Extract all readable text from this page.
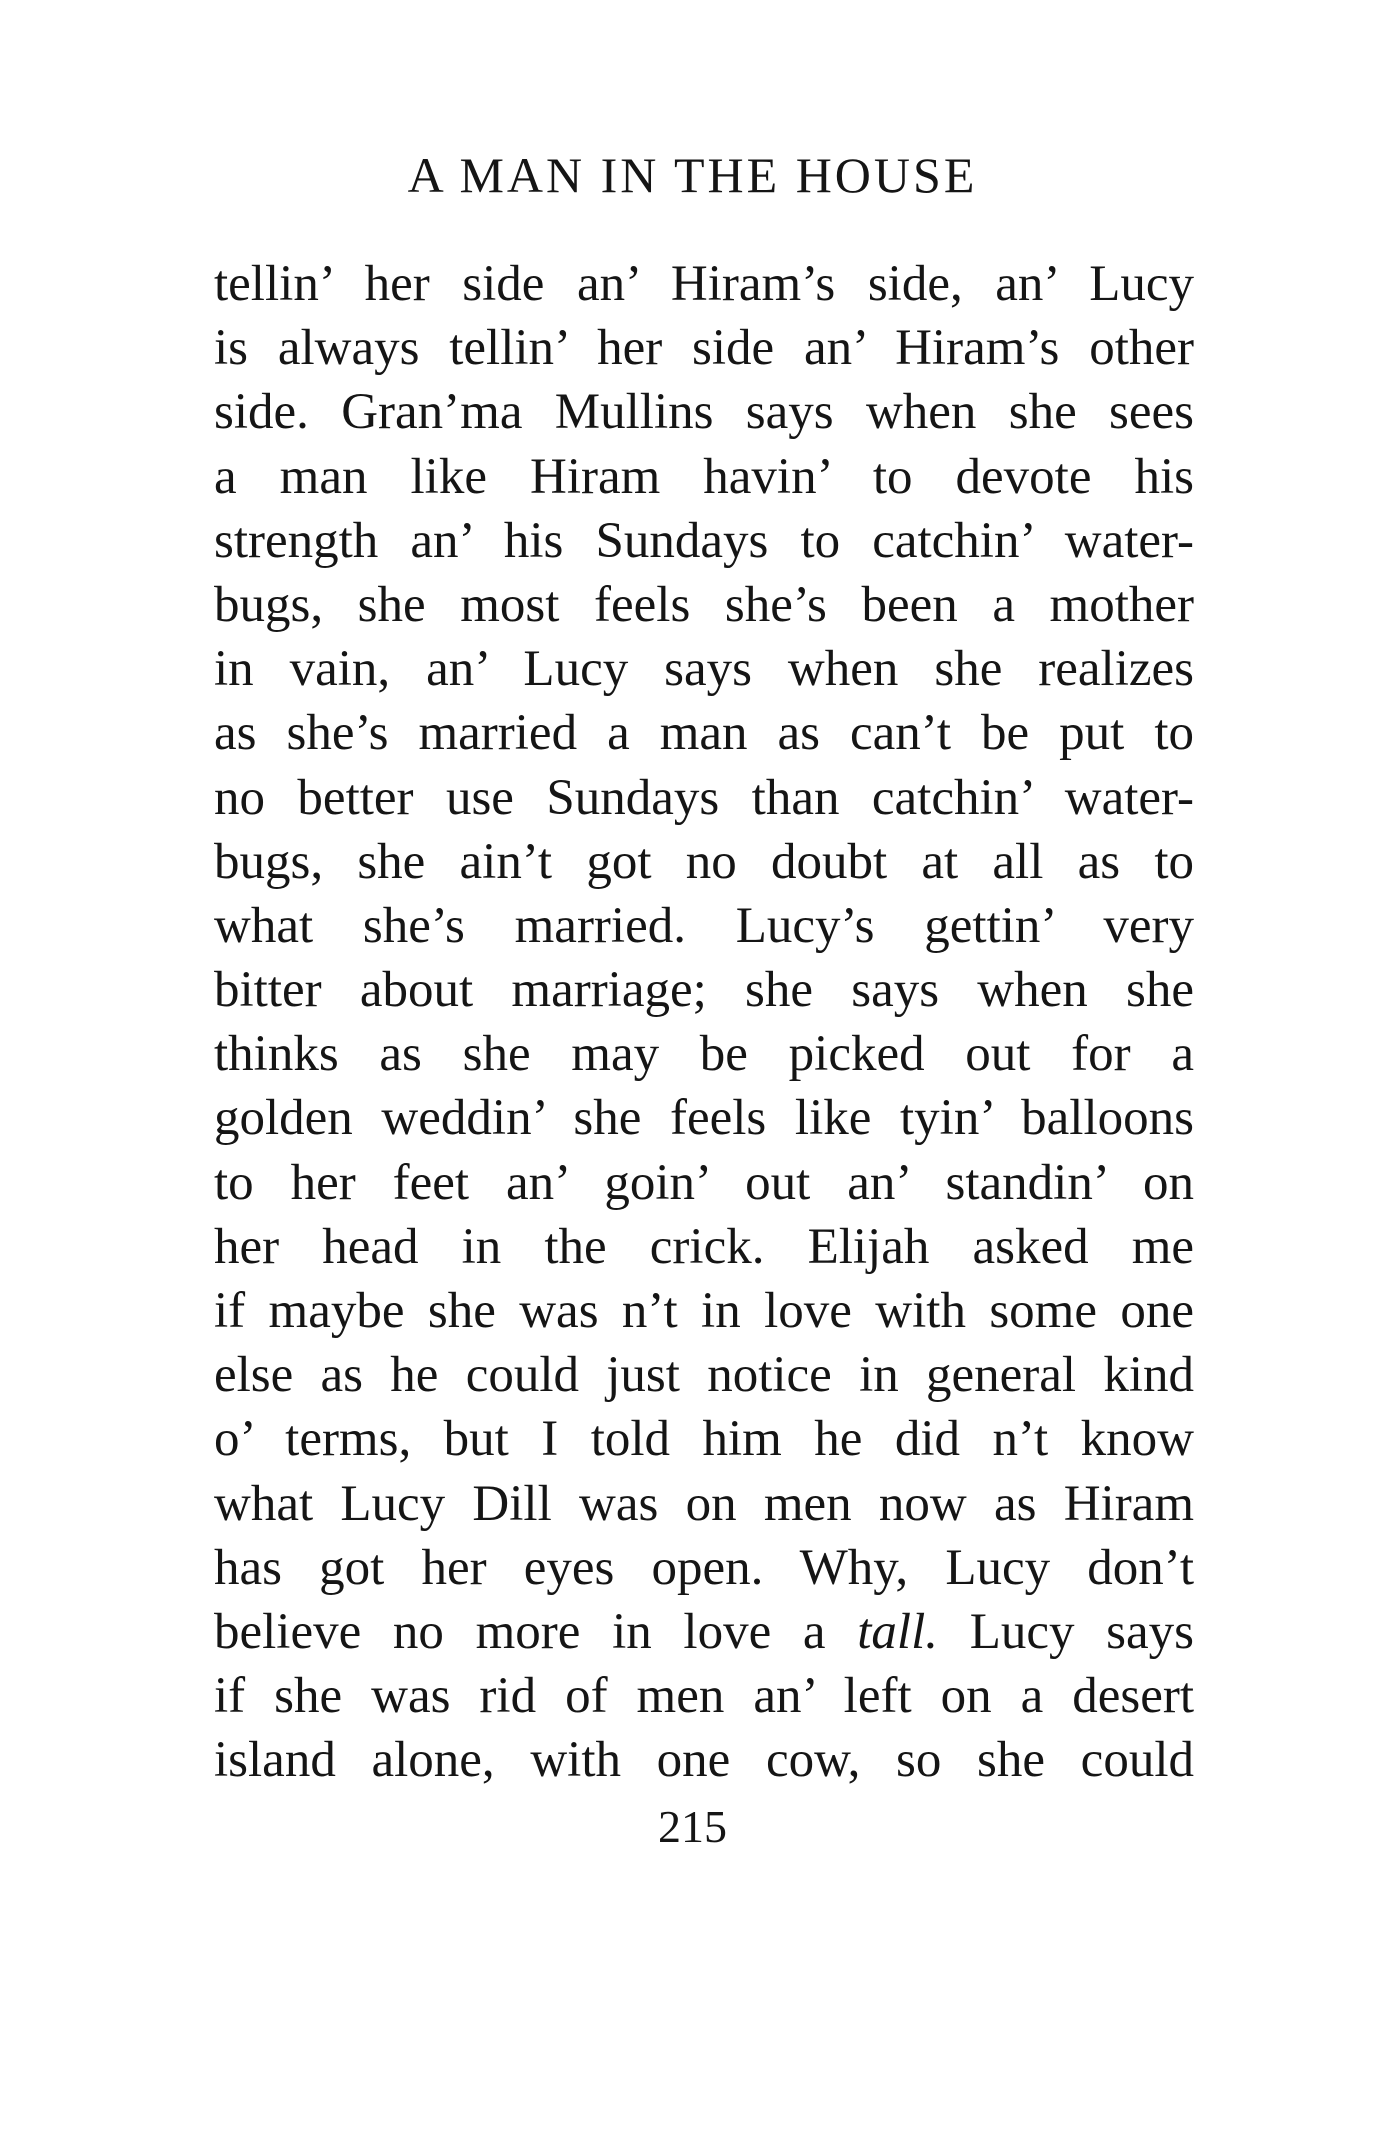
A MAN IN THE HOUSE
tellin’ her side an’ Hiram’s side, an’ Lucy
is always tellin’ her side an’ Hiram’s other
side. Gran’ma Mullins says when she sees
a man like Hiram havin’ to devote his
strength an’ his Sundays to catchin’ water-
bugs, she most feels she’s been a mother
in vain, an’ Lucy says when she realizes
as she’s married a man as can’t be put to
no better use Sundays than catchin’ water-
bugs, she ain’t got no doubt at all as to
what she’s married. Lucy’s gettin’ very
bitter about marriage; she says when she
thinks as she may be picked out for a
golden weddin’ she feels like tyin’ balloons
to her feet an’ goin’ out an’ standin’ on
her head in the crick. Elijah asked me
if maybe she was n’t in love with some one
else as he could just notice in general kind
o’ terms, but I told him he did n’t know
what Lucy Dill was on men now as Hiram
has got her eyes open. Why, Lucy don’t
believe no more in love a tall. Lucy says
if she was rid of men an’ left on a desert
island alone, with one cow, so she could
215
